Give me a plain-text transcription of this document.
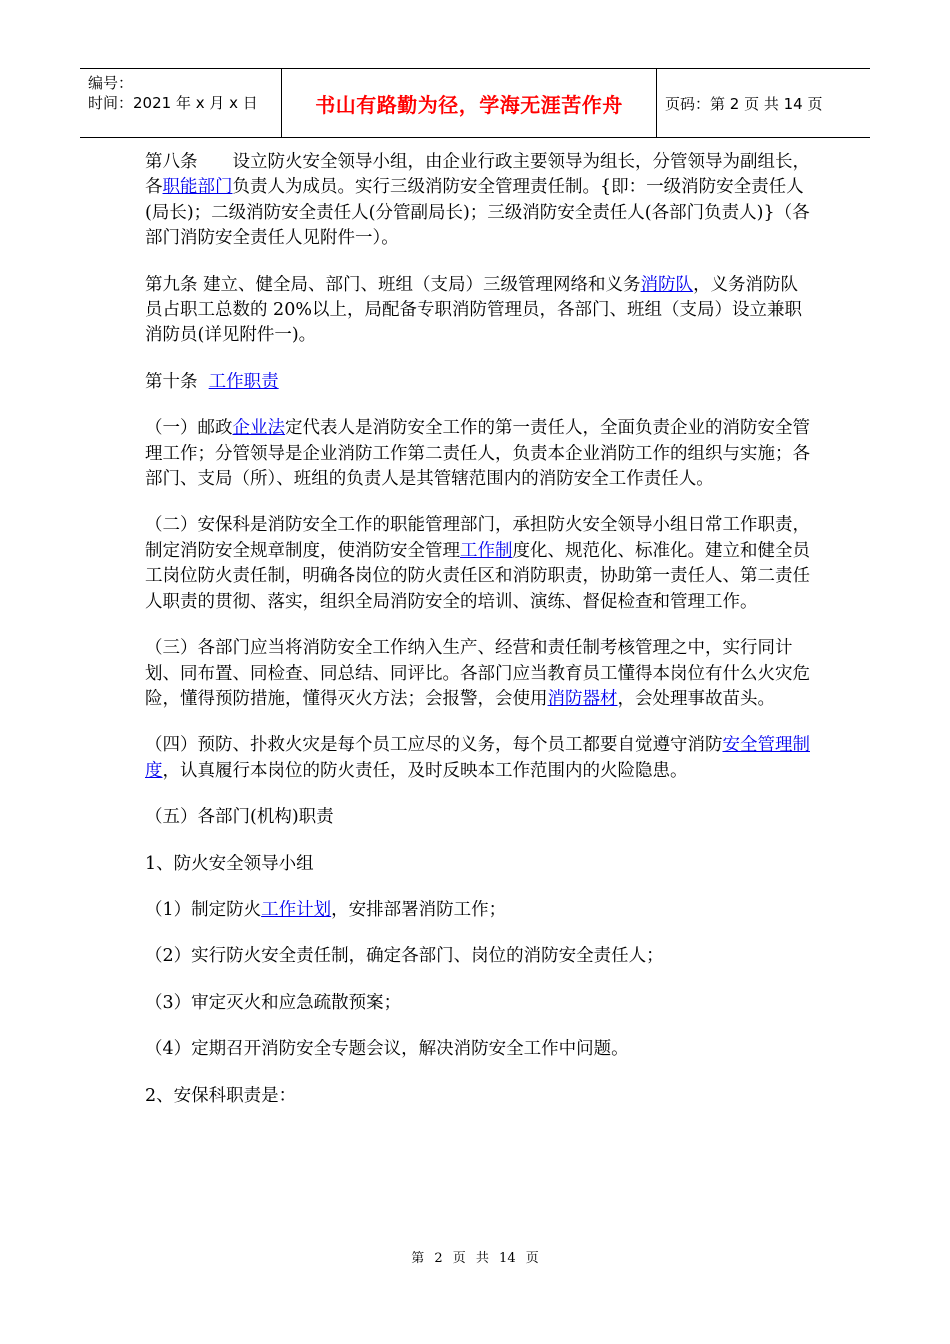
编号：
时间：2021 年 x 月 x 日	书山有路勤为径，学海无涯苦作舟	页码：第 2 页 共 14 页

第八条　　设立防火安全领导小组，由企业行政主要领导为组长，分管领导为副组长，各职能部门负责人为成员。实行三级消防安全管理责任制。{即：一级消防安全责任人(局长)；二级消防安全责任人(分管副局长)；三级消防安全责任人(各部门负责人)}（各部门消防安全责任人见附件一）。

第九条 建立、健全局、部门、班组（支局）三级管理网络和义务消防队，义务消防队员占职工总数的 20%以上，局配备专职消防管理员，各部门、班组（支局）设立兼职消防员(详见附件一)。

第十条  工作职责

（一）邮政企业法定代表人是消防安全工作的第一责任人，全面负责企业的消防安全管理工作；分管领导是企业消防工作第二责任人，负责本企业消防工作的组织与实施；各部门、支局（所）、班组的负责人是其管辖范围内的消防安全工作责任人。

（二）安保科是消防安全工作的职能管理部门，承担防火安全领导小组日常工作职责，制定消防安全规章制度，使消防安全管理工作制度化、规范化、标准化。建立和健全员工岗位防火责任制，明确各岗位的防火责任区和消防职责，协助第一责任人、第二责任人职责的贯彻、落实，组织全局消防安全的培训、演练、督促检查和管理工作。

（三）各部门应当将消防安全工作纳入生产、经营和责任制考核管理之中，实行同计划、同布置、同检查、同总结、同评比。各部门应当教育员工懂得本岗位有什么火灾危险，懂得预防措施，懂得灭火方法；会报警，会使用消防器材，会处理事故苗头。

（四）预防、扑救火灾是每个员工应尽的义务，每个员工都要自觉遵守消防安全管理制度，认真履行本岗位的防火责任，及时反映本工作范围内的火险隐患。

（五）各部门(机构)职责

1、防火安全领导小组

（1）制定防火工作计划，安排部署消防工作；

（2）实行防火安全责任制，确定各部门、岗位的消防安全责任人；

（3）审定灭火和应急疏散预案；

（4）定期召开消防安全专题会议，解决消防安全工作中问题。

2、安保科职责是：

第 2 页 共 14 页
